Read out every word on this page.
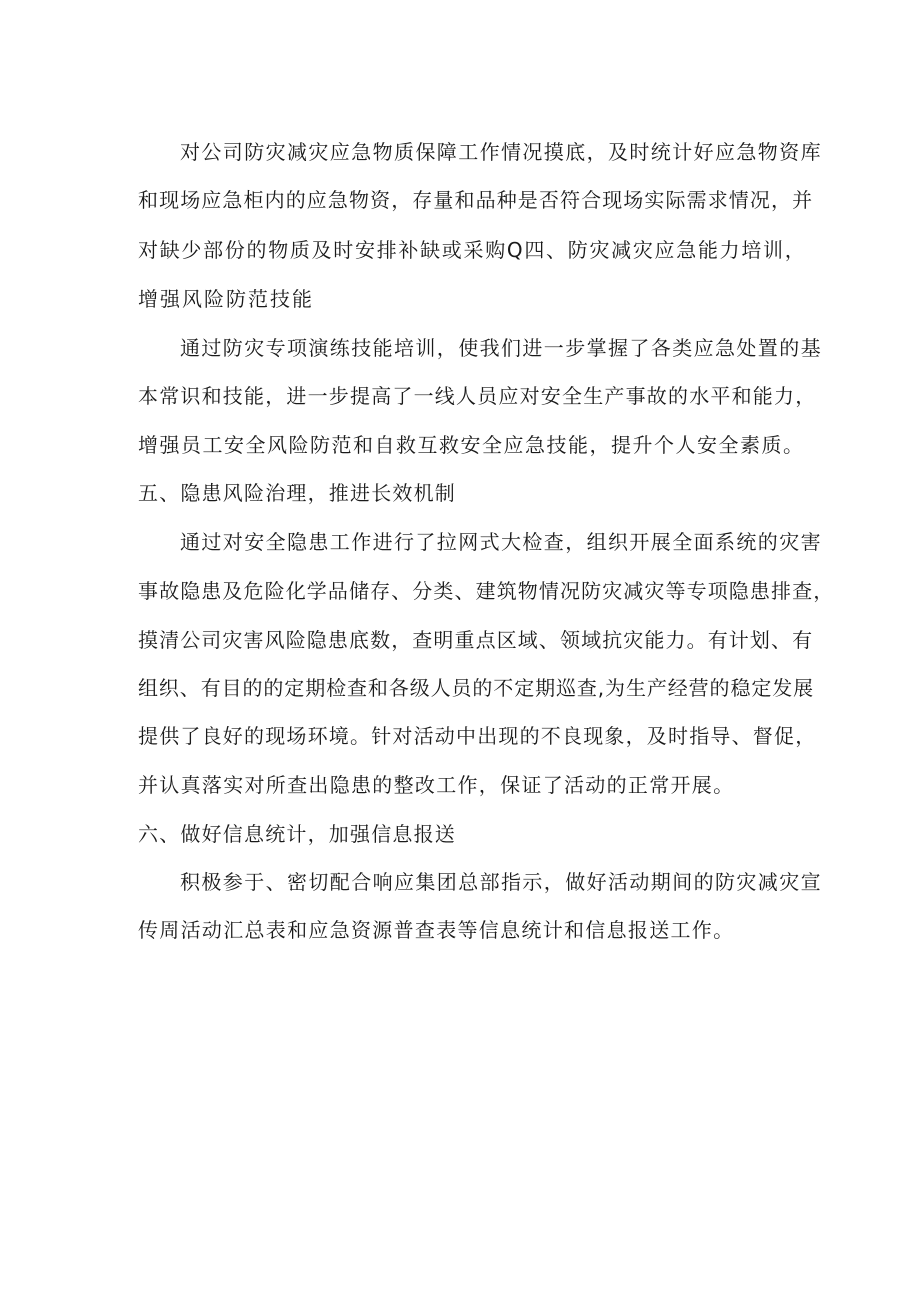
对公司防灾减灾应急物质保障工作情况摸底，及时统计好应急物资库

和现场应急柜内的应急物资，存量和品种是否符合现场实际需求情况，并

对缺少部份的物质及时安排补缺或采购Q四、防灾减灾应急能力培训，

增强风险防范技能

通过防灾专项演练技能培训，使我们进一步掌握了各类应急处置的基

本常识和技能，进一步提高了一线人员应对安全生产事故的水平和能力，

增强员工安全风险防范和自救互救安全应急技能，提升个人安全素质。

五、隐患风险治理，推进长效机制

通过对安全隐患工作进行了拉网式大检查，组织开展全面系统的灾害

事故隐患及危险化学品储存、分类、建筑物情况防灾减灾等专项隐患排查，

摸清公司灾害风险隐患底数，查明重点区域、领域抗灾能力。有计划、有

组织、有目的的定期检查和各级人员的不定期巡查,为生产经营的稳定发展

提供了良好的现场环境。针对活动中出现的不良现象，及时指导、督促，

并认真落实对所查出隐患的整改工作，保证了活动的正常开展。

六、做好信息统计，加强信息报送

积极参于、密切配合响应集团总部指示，做好活动期间的防灾减灾宣

传周活动汇总表和应急资源普查表等信息统计和信息报送工作。
